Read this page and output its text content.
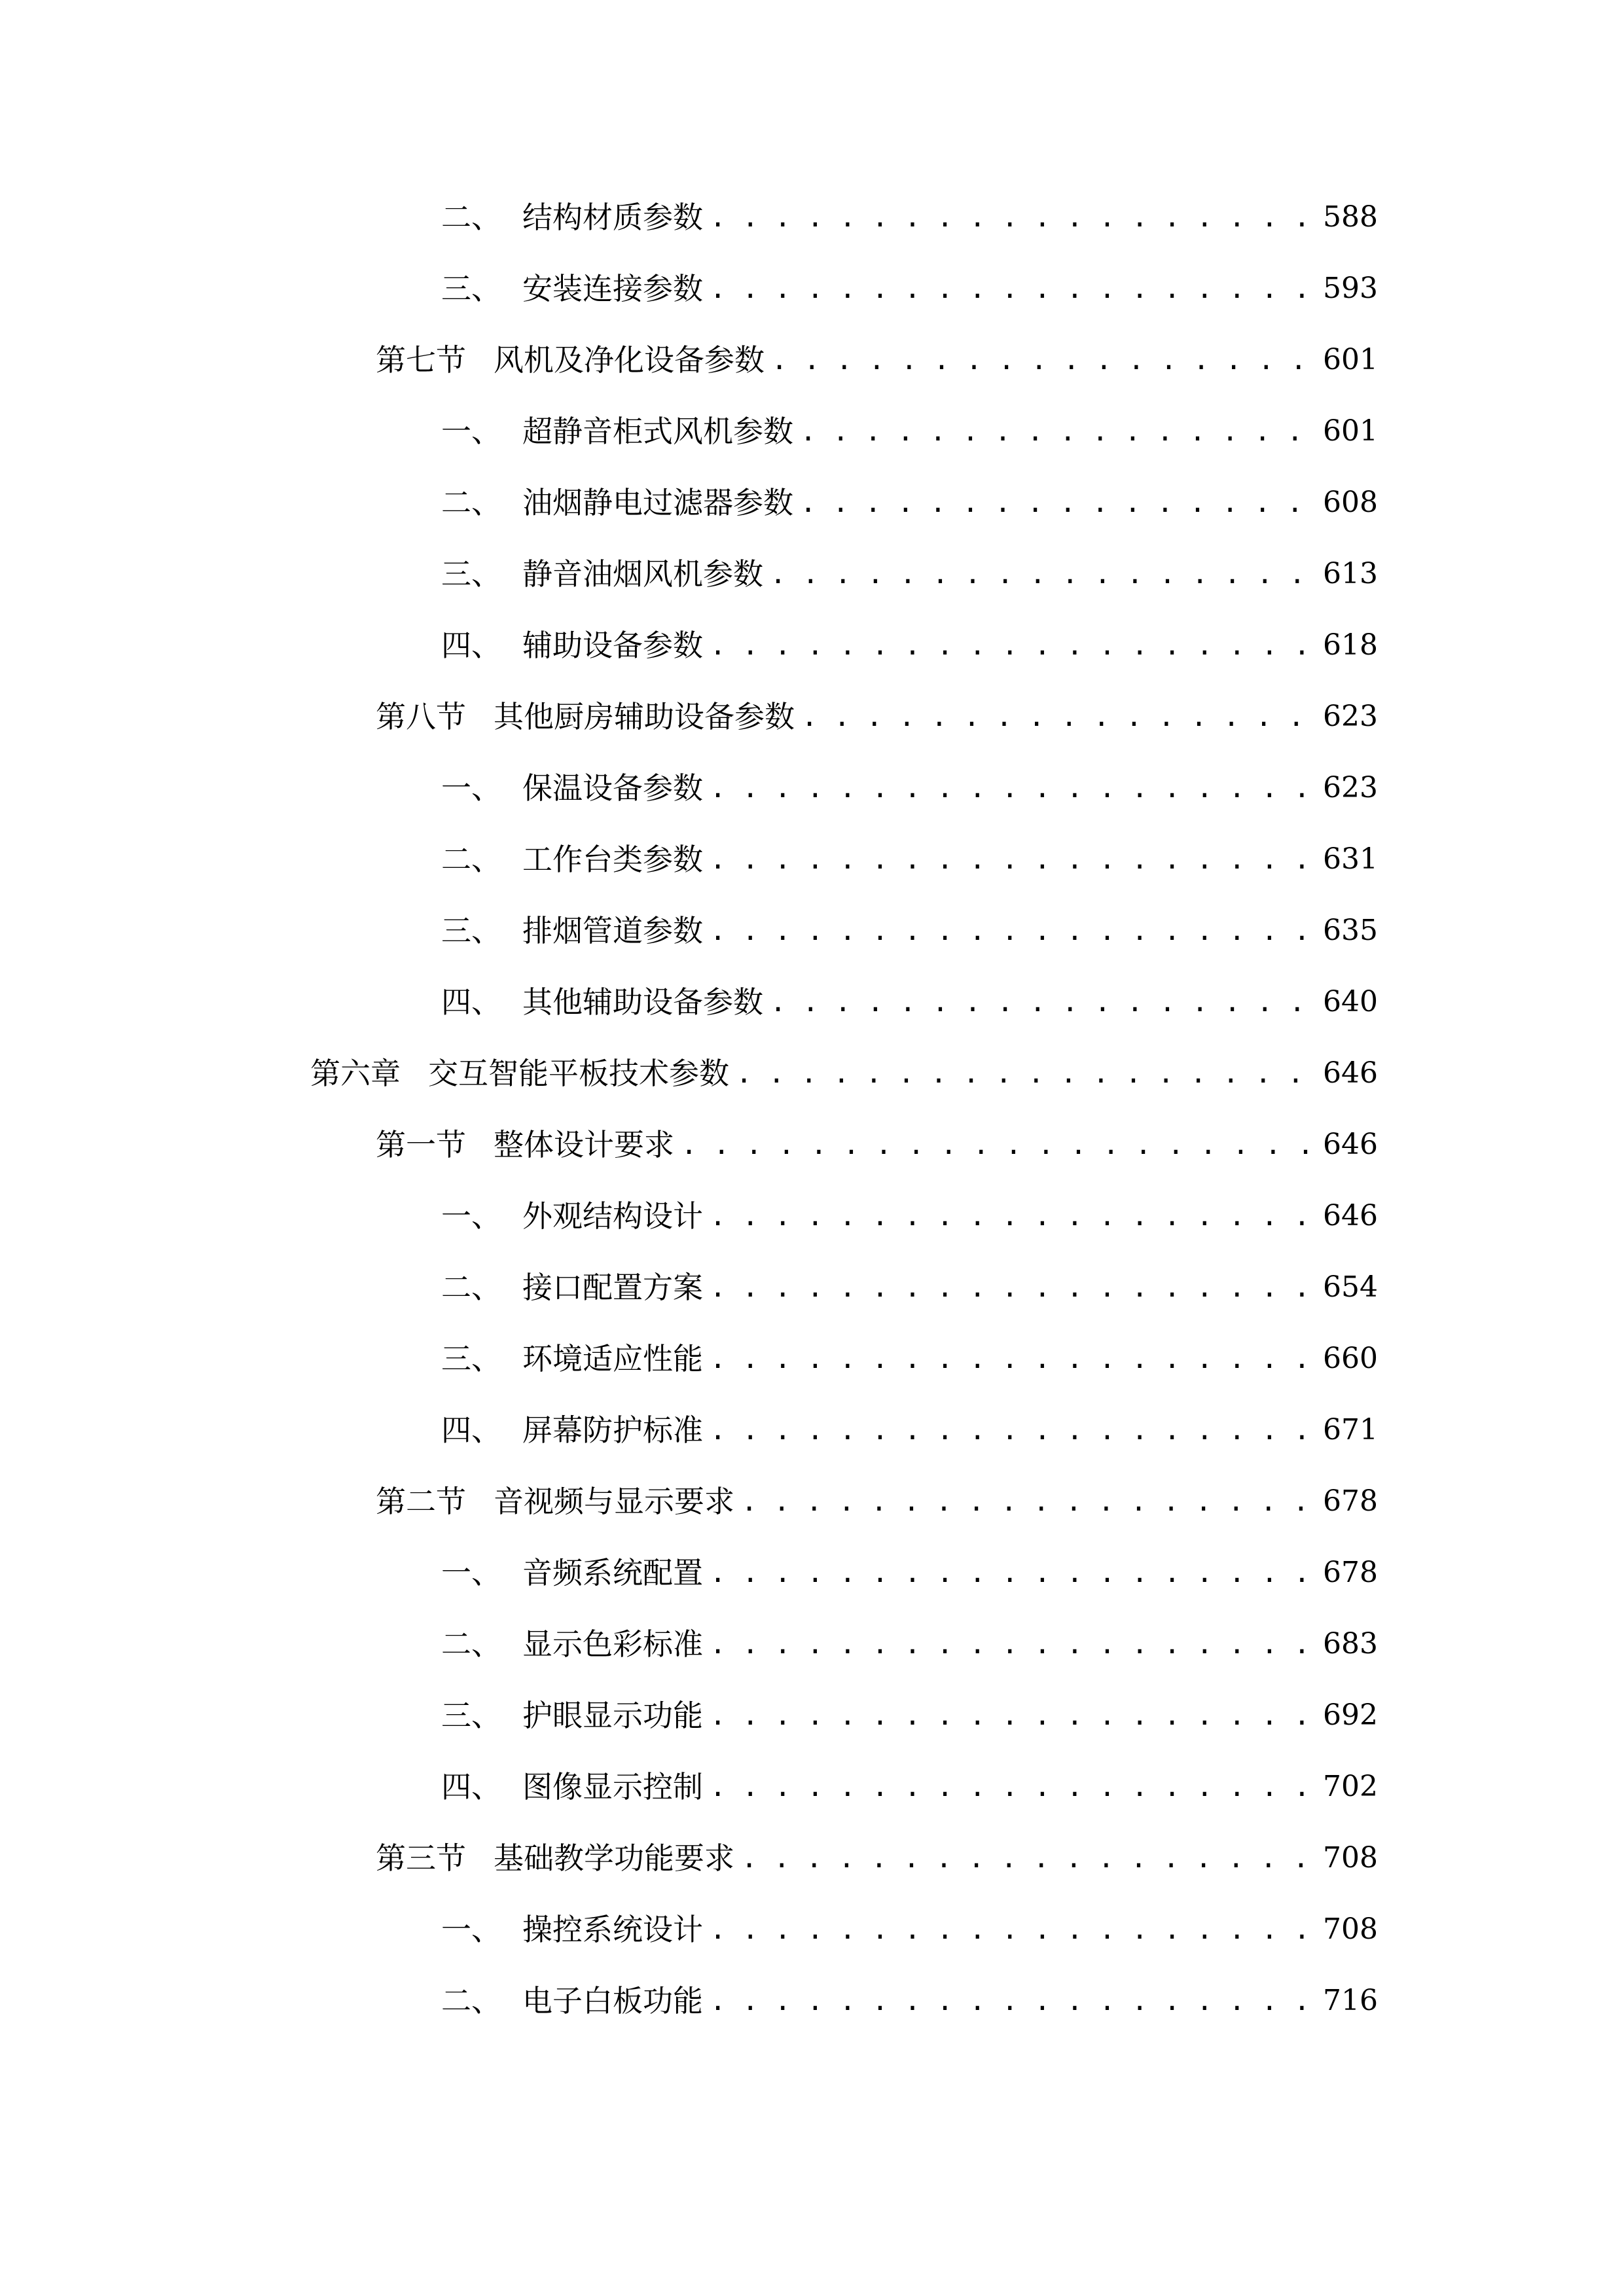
二、 结构材质参数 . . .	588
三、 安装连接参数 . . .	593
第七节 风机及净化设备参数 . . .	601
一、 超静音柜式风机参数 . . .	601
二、 油烟静电过滤器参数 . . .	608
三、 静音油烟风机参数 . . .	613
四、 辅助设备参数 . . .	618
第八节 其他厨房辅助设备参数 . . .	623
一、 保温设备参数 . . .	623
二、 工作台类参数 . . .	631
三、 排烟管道参数 . . .	635
四、 其他辅助设备参数 . . .	640
第六章 交互智能平板技术参数 . . .	646
第一节 整体设计要求 . . .	646
一、 外观结构设计 . . .	646
二、 接口配置方案 . . .	654
三、 环境适应性能 . . .	660
四、 屏幕防护标准 . . .	671
第二节 音视频与显示要求 . . .	678
一、 音频系统配置 . . .	678
二、 显示色彩标准 . . .	683
三、 护眼显示功能 . . .	692
四、 图像显示控制 . . .	702
第三节 基础教学功能要求 . . .	708
一、 操控系统设计 . . .	708
二、 电子白板功能 . . .	716
